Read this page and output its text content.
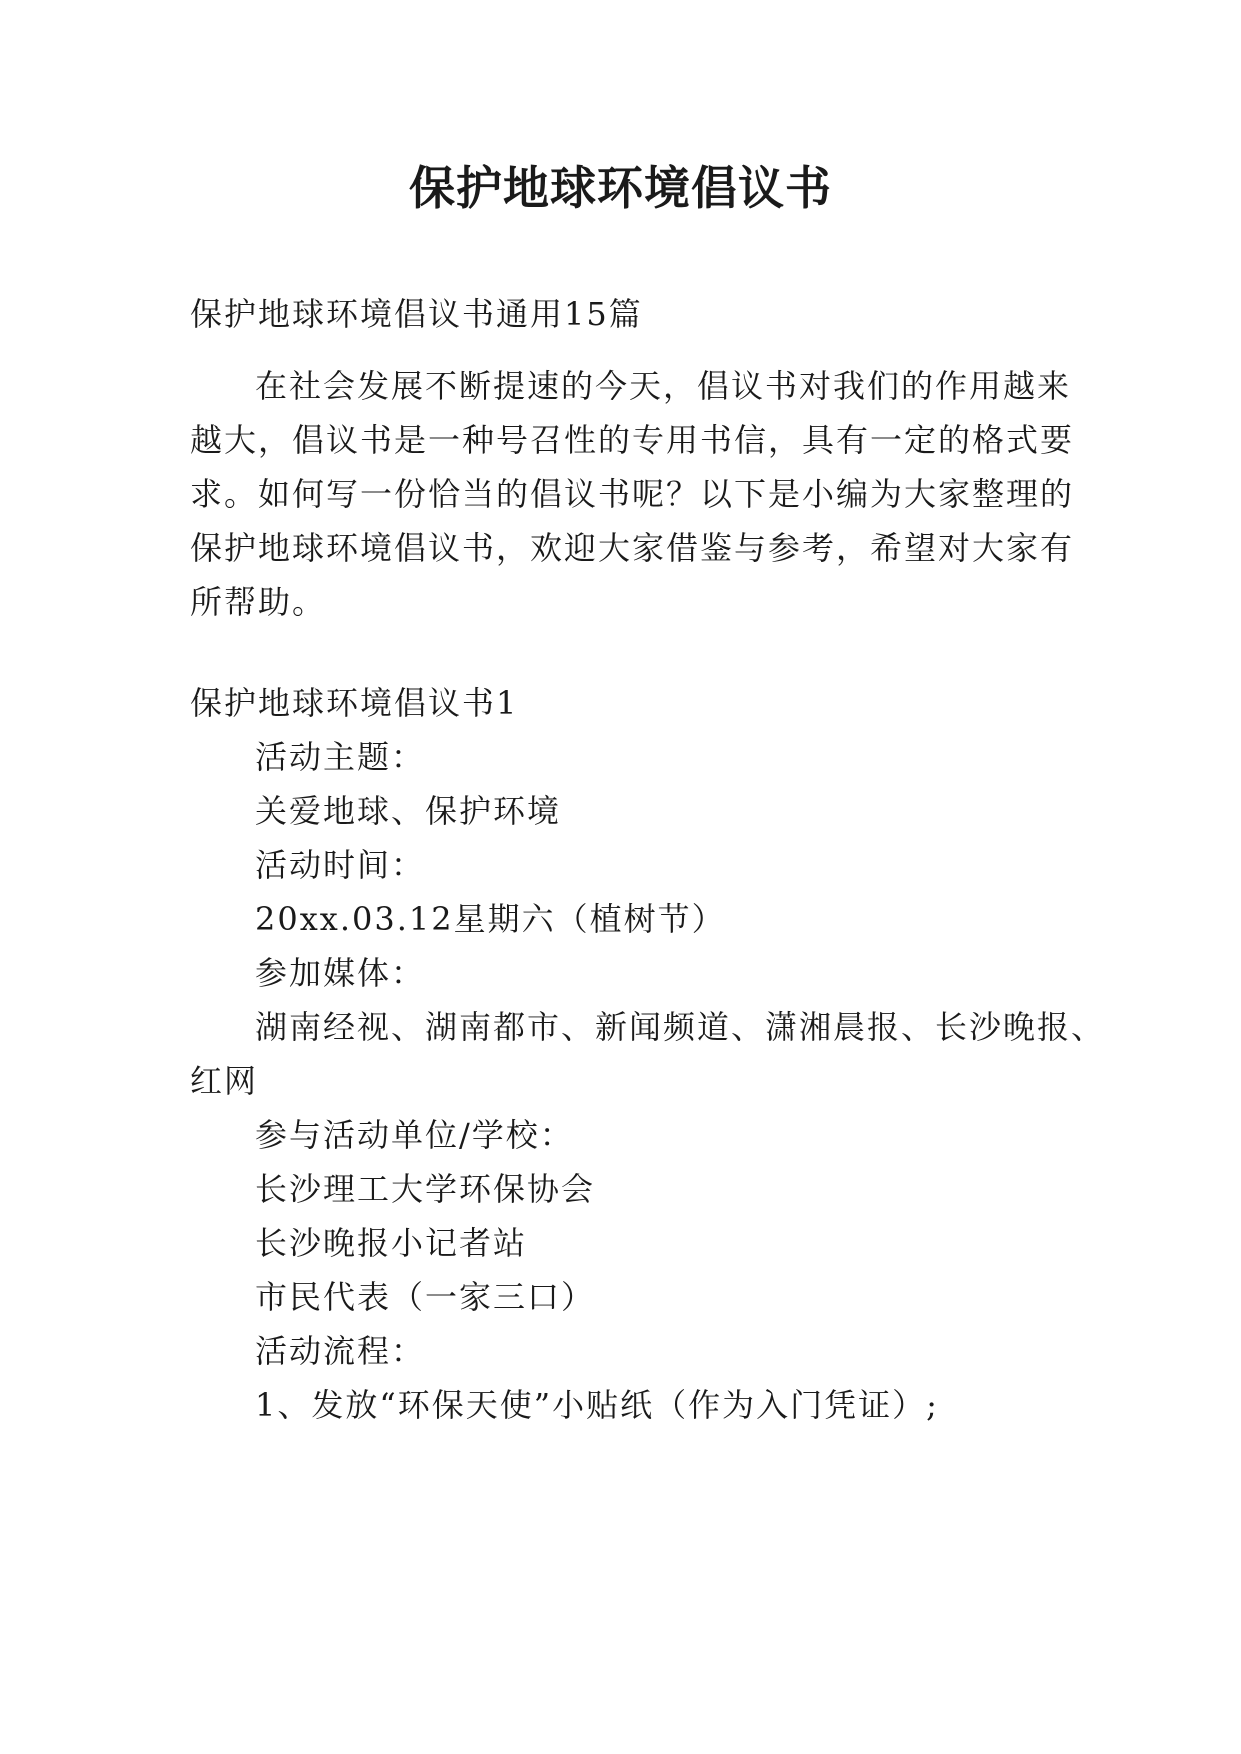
保护地球环境倡议书
保护地球环境倡议书通用15篇
在社会发展不断提速的今天，倡议书对我们的作用越来
越大，倡议书是一种号召性的专用书信，具有一定的格式要
求。如何写一份恰当的倡议书呢？以下是小编为大家整理的
保护地球环境倡议书，欢迎大家借鉴与参考，希望对大家有
所帮助。
保护地球环境倡议书1
活动主题：
关爱地球、保护环境
活动时间：
20xx.03.12星期六（植树节）
参加媒体：
湖南经视、湖南都市、新闻频道、潇湘晨报、长沙晚报、
红网
参与活动单位/学校：
长沙理工大学环保协会
长沙晚报小记者站
市民代表（一家三口）
活动流程：
1、发放“环保天使”小贴纸（作为入门凭证）;
